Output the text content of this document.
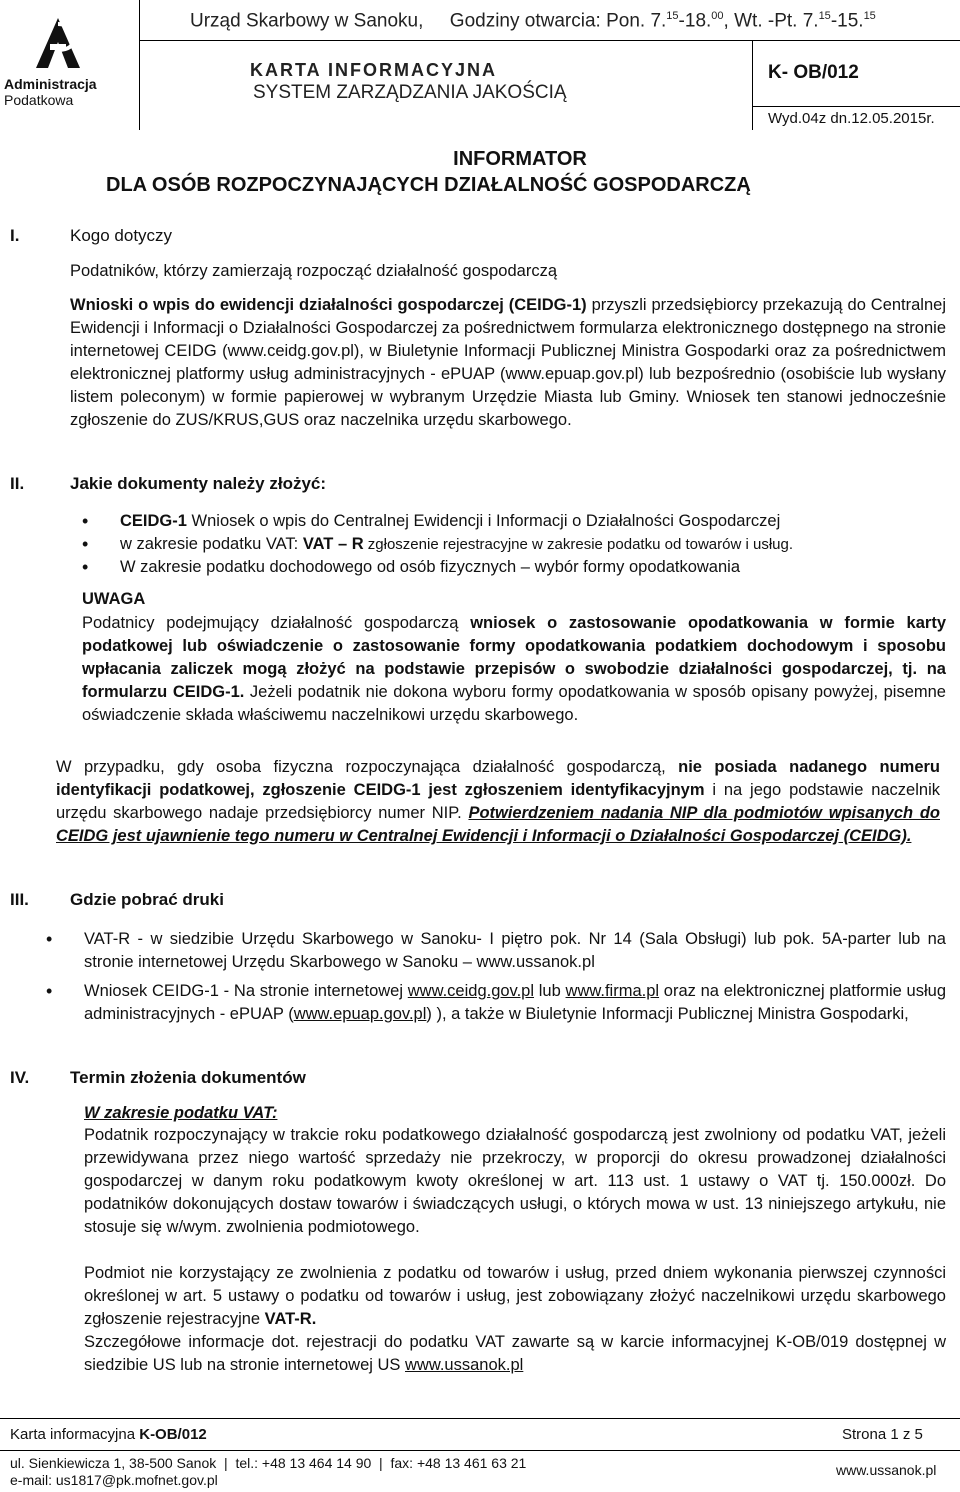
Administracja
Podatkowa
Urząd Skarbowy w Sanoku, Godziny otwarcia: Pon. 7.15-18.00, Wt. -Pt. 7.15-15.15
KARTA INFORMACYJNA
SYSTEM ZARZĄDZANIA JAKOŚCIĄ
K- OB/012
Wyd.04z dn.12.05.2015r.
INFORMATOR
DLA OSÓB ROZPOCZYNAJĄCYCH DZIAŁALNOŚĆ GOSPODARCZĄ
I.	Kogo dotyczy
Podatników, którzy zamierzają rozpocząć działalność gospodarczą
Wnioski o wpis do ewidencji działalności gospodarczej (CEIDG-1) przyszli przedsiębiorcy przekazują do Centralnej Ewidencji i Informacji o Działalności Gospodarczej za pośrednictwem formularza elektronicznego dostępnego na stronie internetowej CEIDG (www.ceidg.gov.pl), w Biuletynie Informacji Publicznej Ministra Gospodarki oraz za pośrednictwem elektronicznej platformy usług administracyjnych - ePUAP (www.epuap.gov.pl) lub bezpośrednio (osobiście lub wysłany listem poleconym) w formie papierowej w wybranym Urzędzie Miasta lub Gminy. Wniosek ten stanowi jednocześnie zgłoszenie do ZUS/KRUS,GUS oraz naczelnika urzędu skarbowego.
II.	Jakie dokumenty należy złożyć:
• CEIDG-1 Wniosek o wpis do Centralnej Ewidencji i Informacji o Działalności Gospodarczej
• w zakresie podatku VAT: VAT – R zgłoszenie rejestracyjne w zakresie podatku od towarów i usług.
• W zakresie podatku dochodowego od osób fizycznych – wybór formy opodatkowania
UWAGA
Podatnicy podejmujący działalność gospodarczą wniosek o zastosowanie opodatkowania w formie karty podatkowej lub oświadczenie o zastosowanie formy opodatkowania podatkiem dochodowym i sposobu wpłacania zaliczek mogą złożyć na podstawie przepisów o swobodzie działalności gospodarczej, tj. na formularzu CEIDG-1. Jeżeli podatnik nie dokona wyboru formy opodatkowania w sposób opisany powyżej, pisemne oświadczenie składa właściwemu naczelnikowi urzędu skarbowego.
W przypadku, gdy osoba fizyczna rozpoczynająca działalność gospodarczą, nie posiada nadanego numeru identyfikacji podatkowej, zgłoszenie CEIDG-1 jest zgłoszeniem identyfikacyjnym i na jego podstawie naczelnik urzędu skarbowego nadaje przedsiębiorcy numer NIP. Potwierdzeniem nadania NIP dla podmiotów wpisanych do CEIDG jest ujawnienie tego numeru w Centralnej Ewidencji i Informacji o Działalności Gospodarczej (CEIDG).
III. Gdzie pobrać druki
• VAT-R - w siedzibie Urzędu Skarbowego w Sanoku- I piętro pok. Nr 14 (Sala Obsługi) lub pok. 5A-parter lub na stronie internetowej Urzędu Skarbowego w Sanoku – www.ussanok.pl
• Wniosek CEIDG-1 - Na stronie internetowej www.ceidg.gov.pl lub www.firma.pl oraz na elektronicznej platformie usług administracyjnych - ePUAP (www.epuap.gov.pl) ), a także w Biuletynie Informacji Publicznej Ministra Gospodarki,
IV. Termin złożenia dokumentów
W zakresie podatku VAT:
Podatnik rozpoczynający w trakcie roku podatkowego działalność gospodarczą jest zwolniony od podatku VAT, jeżeli przewidywana przez niego wartość sprzedaży nie przekroczy, w proporcji do okresu prowadzonej działalności gospodarczej w danym roku podatkowym kwoty określonej w art. 113 ust. 1 ustawy o VAT tj. 150.000zł. Do podatników dokonujących dostaw towarów i świadczących usługi, o których mowa w ust. 13 niniejszego artykułu, nie stosuje się w/wym. zwolnienia podmiotowego.
Podmiot nie korzystający ze zwolnienia z podatku od towarów i usług, przed dniem wykonania pierwszej czynności określonej w art. 5 ustawy o podatku od towarów i usług, jest zobowiązany złożyć naczelnikowi urzędu skarbowego zgłoszenie rejestracyjne VAT-R.
Szczegółowe informacje dot. rejestracji do podatku VAT zawarte są w karcie informacyjnej K-OB/019 dostępnej w siedzibie US lub na stronie internetowej US www.ussanok.pl
Karta informacyjna K-OB/012	Strona 1 z 5
ul. Sienkiewicza 1, 38-500 Sanok  |  tel.: +48 13 464 14 90  |  fax: +48 13 461 63 21
e-mail: us1817@pk.mofnet.gov.pl
www.ussanok.pl
